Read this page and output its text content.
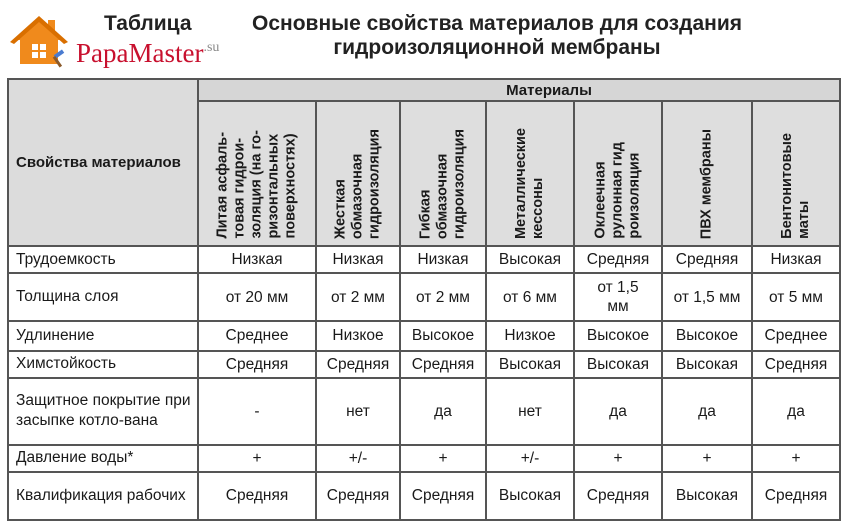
PapaMaster$^{.su}$
Таблица	Основные свойства материалов для создания гидроизоляционной мембраны
Свойства материалов	Материалы						

	Литая асфаль- товая гидрои- золяция (на го- ризонтальных поверхностях)	Жесткая обмазочная гидроизоляция	Гибкая обмазочная гидроизоляция	Металлические кессоны	Оклеечная рулонная гид роизоляция	ПВХ мембраны	Бентонитовые маты

Трудоемкость	Низкая	Низкая	Низкая	Высокая	Средняя	Средняя	Низкая
Толщина слоя	от 20 мм	от 2 мм	от 2 мм	от 6 мм	от 1,5 мм	от 1,5 мм	от 5 мм
Удлинение	Среднее	Низкое	Высокое	Низкое	Высокое	Высокое	Среднее
Химстойкость	Средняя	Средняя	Средняя	Высокая	Высокая	Высокая	Средняя
Защитное покрытие при засыпке котло-вана	-	нет	да	нет	да	да	да
Давление воды*	+	+/-	+	+/-	+	+	+
Квалификация рабочих	Средняя	Средняя	Средняя	Высокая	Средняя	Высокая	Средняя
